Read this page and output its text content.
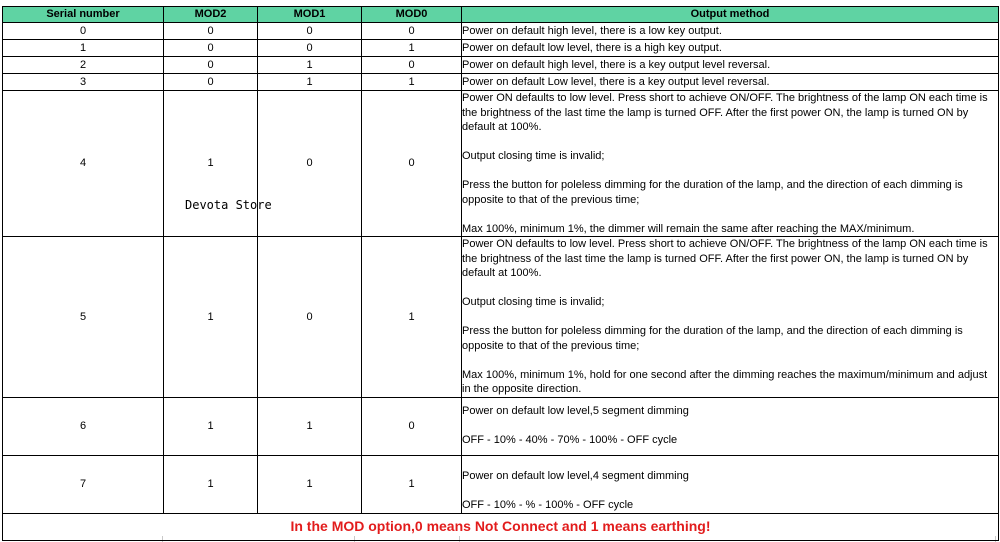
Serial number	MOD2	MOD1	MOD0	Output method
0	0	0	0	Power on default high level, there is a low key output.

1	0	0	1	Power on default low level, there is a high key output.

2	0	1	0	Power on default high level, there is a key output level reversal.

3	0	1	1	Power on default Low level, there is a key output level reversal.

4	1	0	0	Power ON defaults to low level. Press short to achieve ON/OFF. The brightness of the lamp ON each time is the brightness of the last time the lamp is turned OFF. After the first power ON, the lamp is turned ON by default at 100%.

Output closing time is invalid;

Press the button for poleless dimming for the duration of the lamp, and the direction of each dimming is opposite to that of the previous time;

Max 100%, minimum 1%, the dimmer will remain the same after reaching the MAX/minimum.

5	1	0	1	Power ON defaults to low level. Press short to achieve ON/OFF. The brightness of the lamp ON each time is the brightness of the last time the lamp is turned OFF. After the first power ON, the lamp is turned ON by default at 100%.

Output closing time is invalid;

Press the button for poleless dimming for the duration of the lamp, and the direction of each dimming is opposite to that of the previous time;

Max 100%, minimum 1%, hold for one second after the dimming reaches the maximum/minimum and adjust in the opposite direction.

6	1	1	0	Power on default low level,5 segment dimming

OFF - 10% - 40% - 70% - 100% - OFF cycle

7	1	1	1	Power on default low level,4 segment dimming

OFF - 10% - % - 100% - OFF cycle

In the MOD option,0 means Not Connect and 1 means earthing!				
Devota Store
